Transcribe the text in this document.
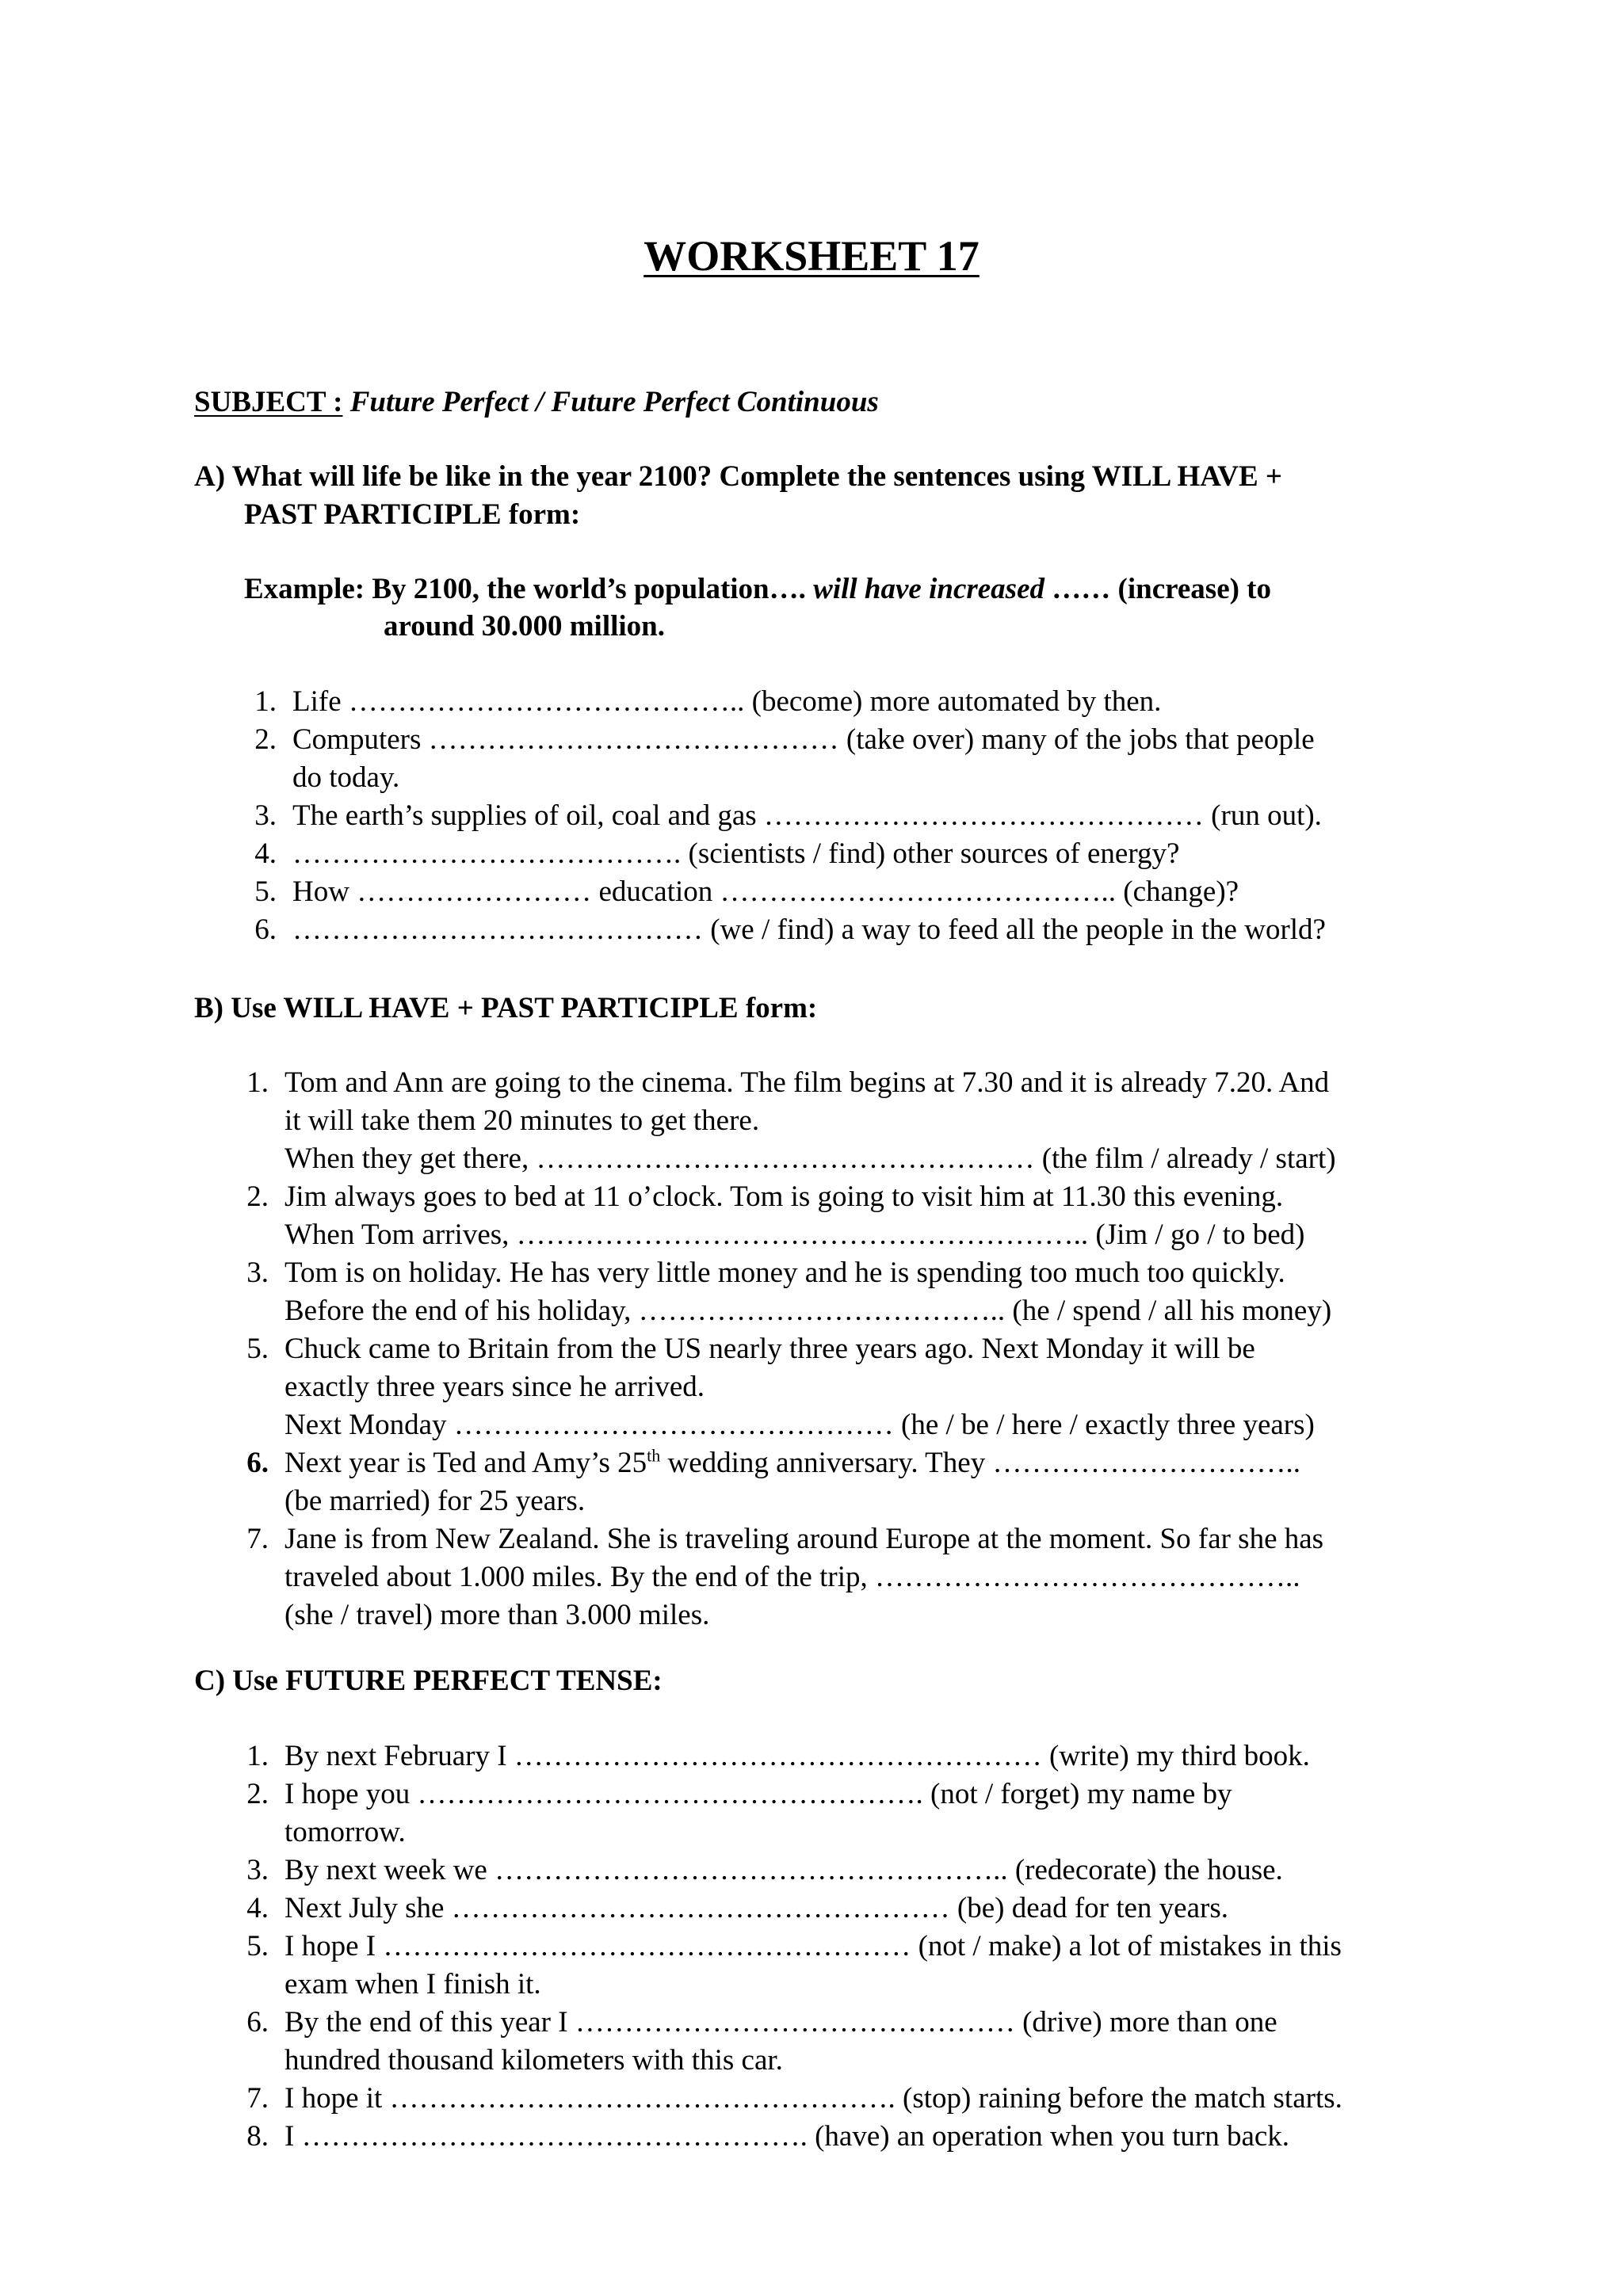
WORKSHEET 17
SUBJECT : Future Perfect / Future Perfect Continuous
A) What will life be like in the year 2100? Complete the sentences using WILL HAVE +
PAST PARTICIPLE form:
Example: By 2100, the world’s population…. will have increased …… (increase) to
around 30.000 million.
1. Life ………………………………….. (become) more automated by then.
2. Computers …………………………………… (take over) many of the jobs that people
do today.
3. The earth’s supplies of oil, coal and gas ……………………………………… (run out).
4. …………………………………. (scientists / find) other sources of energy?
5. How …………………… education ………………………………….. (change)?
6. …………………………………… (we / find) a way to feed all the people in the world?
B) Use WILL HAVE + PAST PARTICIPLE form:
1. Tom and Ann are going to the cinema. The film begins at 7.30 and it is already 7.20. And
it will take them 20 minutes to get there.
When they get there, …………………………………………… (the film / already / start)
2. Jim always goes to bed at 11 o’clock. Tom is going to visit him at 11.30 this evening.
When Tom arrives, ………………………………………………….. (Jim / go / to bed)
3. Tom is on holiday. He has very little money and he is spending too much too quickly.
Before the end of his holiday, ……………………………….. (he / spend / all his money)
5. Chuck came to Britain from the US nearly three years ago. Next Monday it will be
exactly three years since he arrived.
Next Monday ……………………………………… (he / be / here / exactly three years)
6. Next year is Ted and Amy’s 25th wedding anniversary. They …………………………..
(be married) for 25 years.
7. Jane is from New Zealand. She is traveling around Europe at the moment. So far she has
traveled about 1.000 miles. By the end of the trip, ……………………………………..
(she / travel) more than 3.000 miles.
C) Use FUTURE PERFECT TENSE:
1. By next February I ……………………………………………… (write) my third book.
2. I hope you ……………………………………………. (not / forget) my name by
tomorrow.
3. By next week we …………………………………………….. (redecorate) the house.
4. Next July she …………………………………………… (be) dead for ten years.
5. I hope I ……………………………………………… (not / make) a lot of mistakes in this
exam when I finish it.
6. By the end of this year I ……………………………………… (drive) more than one
hundred thousand kilometers with this car.
7. I hope it ……………………………………………. (stop) raining before the match starts.
8. I ……………………………………………. (have) an operation when you turn back.
